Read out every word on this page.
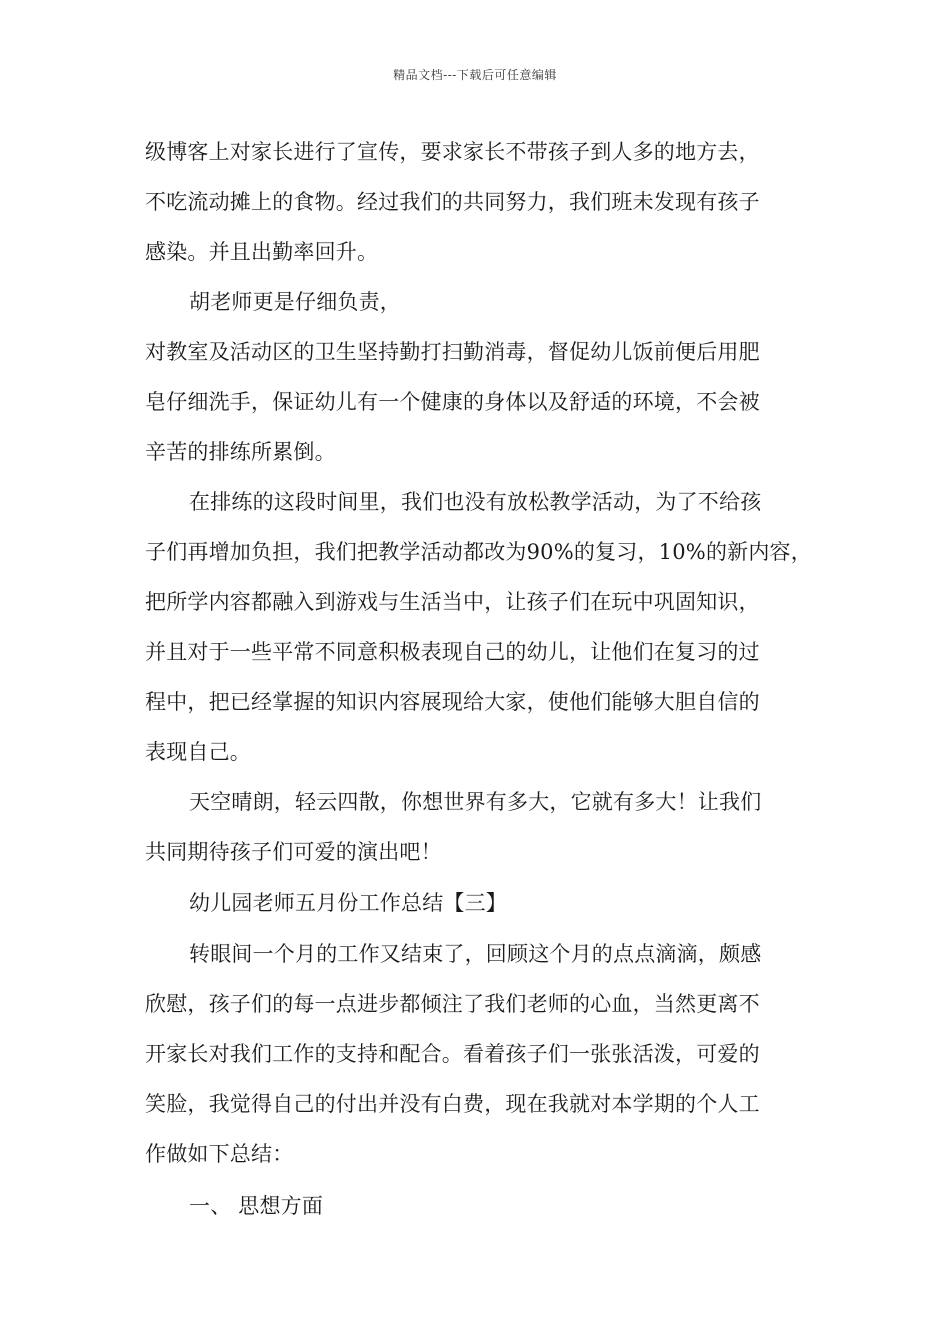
精品文档---下载后可任意编辑
级博客上对家长进行了宣传，要求家长不带孩子到人多的地方去，
不吃流动摊上的食物。经过我们的共同努力，我们班未发现有孩子
感染。并且出勤率回升。
胡老师更是仔细负责，
对教室及活动区的卫生坚持勤打扫勤消毒，督促幼儿饭前便后用肥
皂仔细洗手，保证幼儿有一个健康的身体以及舒适的环境，不会被
辛苦的排练所累倒。
在排练的这段时间里，我们也没有放松教学活动，为了不给孩
子们再增加负担，我们把教学活动都改为90%的复习，10%的新内容，
把所学内容都融入到游戏与生活当中，让孩子们在玩中巩固知识，
并且对于一些平常不同意积极表现自己的幼儿，让他们在复习的过
程中，把已经掌握的知识内容展现给大家，使他们能够大胆自信的
表现自己。
天空晴朗，轻云四散，你想世界有多大，它就有多大！让我们
共同期待孩子们可爱的演出吧！
幼儿园老师五月份工作总结【三】
转眼间一个月的工作又结束了，回顾这个月的点点滴滴，颇感
欣慰，孩子们的每一点进步都倾注了我们老师的心血，当然更离不
开家长对我们工作的支持和配合。看着孩子们一张张活泼，可爱的
笑脸，我觉得自己的付出并没有白费，现在我就对本学期的个人工
作做如下总结：
一、 思想方面
